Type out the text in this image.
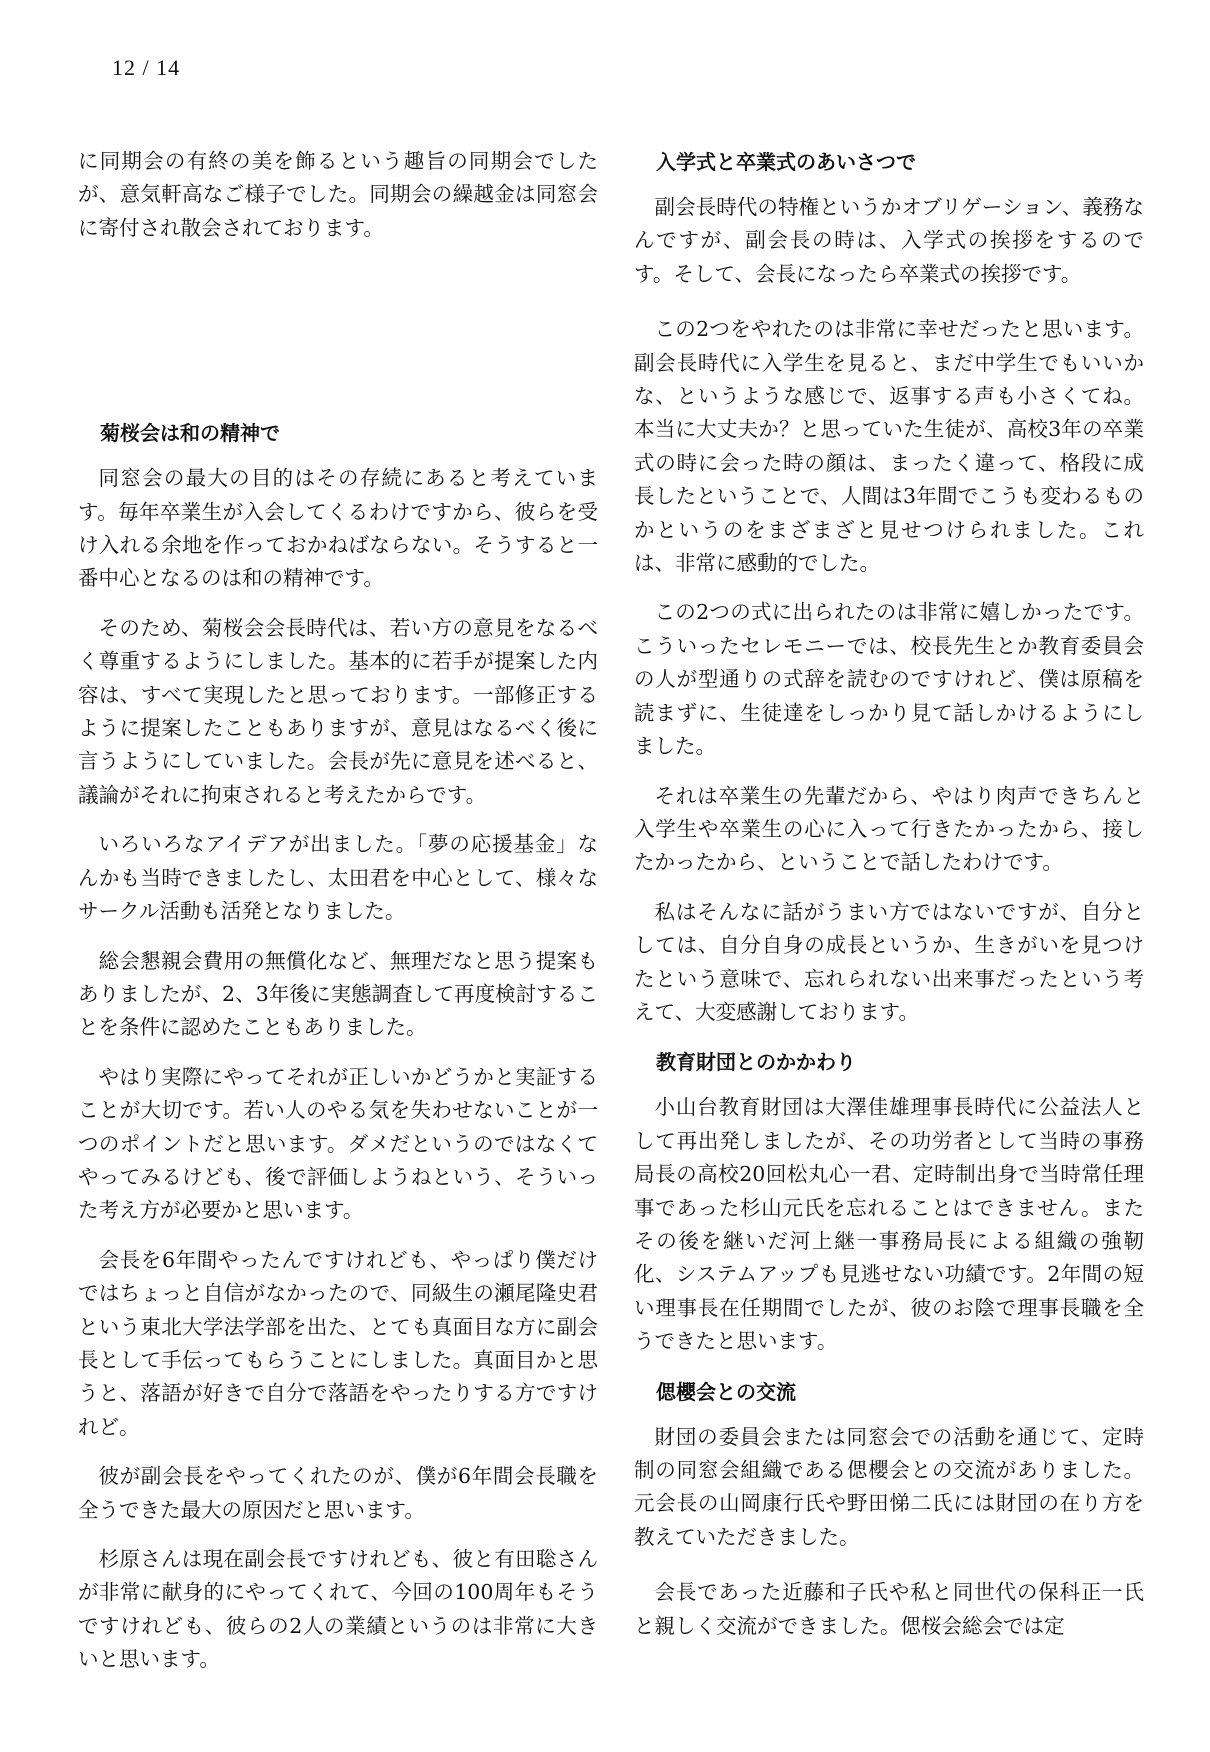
12 / 14

に同期会の有終の美を飾るという趣旨の同期会でしたが、意気軒高なご様子でした。同期会の繰越金は同窓会に寄付され散会されております。

菊桜会は和の精神で

同窓会の最大の目的はその存続にあると考えています。毎年卒業生が入会してくるわけですから、彼らを受け入れる余地を作っておかねばならない。そうすると一番中心となるのは和の精神です。

そのため、菊桜会会長時代は、若い方の意見をなるべく尊重するようにしました。基本的に若手が提案した内容は、すべて実現したと思っております。一部修正するように提案したこともありますが、意見はなるべく後に言うようにしていました。会長が先に意見を述べると、議論がそれに拘束されると考えたからです。

いろいろなアイデアが出ました。「夢の応援基金」なんかも当時できましたし、太田君を中心として、様々なサークル活動も活発となりました。

総会懇親会費用の無償化など、無理だなと思う提案もありましたが、2、3年後に実態調査して再度検討することを条件に認めたこともありました。

やはり実際にやってそれが正しいかどうかと実証することが大切です。若い人のやる気を失わせないことが一つのポイントだと思います。ダメだというのではなくてやってみるけども、後で評価しようねという、そういった考え方が必要かと思います。

会長を6年間やったんですけれども、やっぱり僕だけではちょっと自信がなかったので、同級生の瀬尾隆史君という東北大学法学部を出た、とても真面目な方に副会長として手伝ってもらうことにしました。真面目かと思うと、落語が好きで自分で落語をやったりする方ですけれど。

彼が副会長をやってくれたのが、僕が6年間会長職を全うできた最大の原因だと思います。

杉原さんは現在副会長ですけれども、彼と有田聡さんが非常に献身的にやってくれて、今回の100周年もそうですけれども、彼らの2人の業績というのは非常に大きいと思います。

入学式と卒業式のあいさつで

副会長時代の特権というかオブリゲーション、義務なんですが、副会長の時は、入学式の挨拶をするのです。そして、会長になったら卒業式の挨拶です。

この2つをやれたのは非常に幸せだったと思います。副会長時代に入学生を見ると、まだ中学生でもいいかな、というような感じで、返事する声も小さくてね。本当に大丈夫か？と思っていた生徒が、高校3年の卒業式の時に会った時の顔は、まったく違って、格段に成長したということで、人間は3年間でこうも変わるものかというのをまざまざと見せつけられました。これは、非常に感動的でした。

この2つの式に出られたのは非常に嬉しかったです。こういったセレモニーでは、校長先生とか教育委員会の人が型通りの式辞を読むのですけれど、僕は原稿を読まずに、生徒達をしっかり見て話しかけるようにしました。

それは卒業生の先輩だから、やはり肉声できちんと入学生や卒業生の心に入って行きたかったから、接したかったから、ということで話したわけです。

私はそんなに話がうまい方ではないですが、自分としては、自分自身の成長というか、生きがいを見つけたという意味で、忘れられない出来事だったという考えて、大変感謝しております。

教育財団とのかかわり

小山台教育財団は大澤佳雄理事長時代に公益法人として再出発しましたが、その功労者として当時の事務局長の高校20回松丸心一君、定時制出身で当時常任理事であった杉山元氏を忘れることはできません。またその後を継いだ河上継一事務局長による組織の強靭化、システムアップも見逃せない功績です。2年間の短い理事長在任期間でしたが、彼のお陰で理事長職を全うできたと思います。

偲櫻会との交流

財団の委員会または同窓会での活動を通じて、定時制の同窓会組織である偲櫻会との交流がありました。元会長の山岡康行氏や野田悌二氏には財団の在り方を教えていただきました。

会長であった近藤和子氏や私と同世代の保科正一氏と親しく交流ができました。偲桜会総会では定
